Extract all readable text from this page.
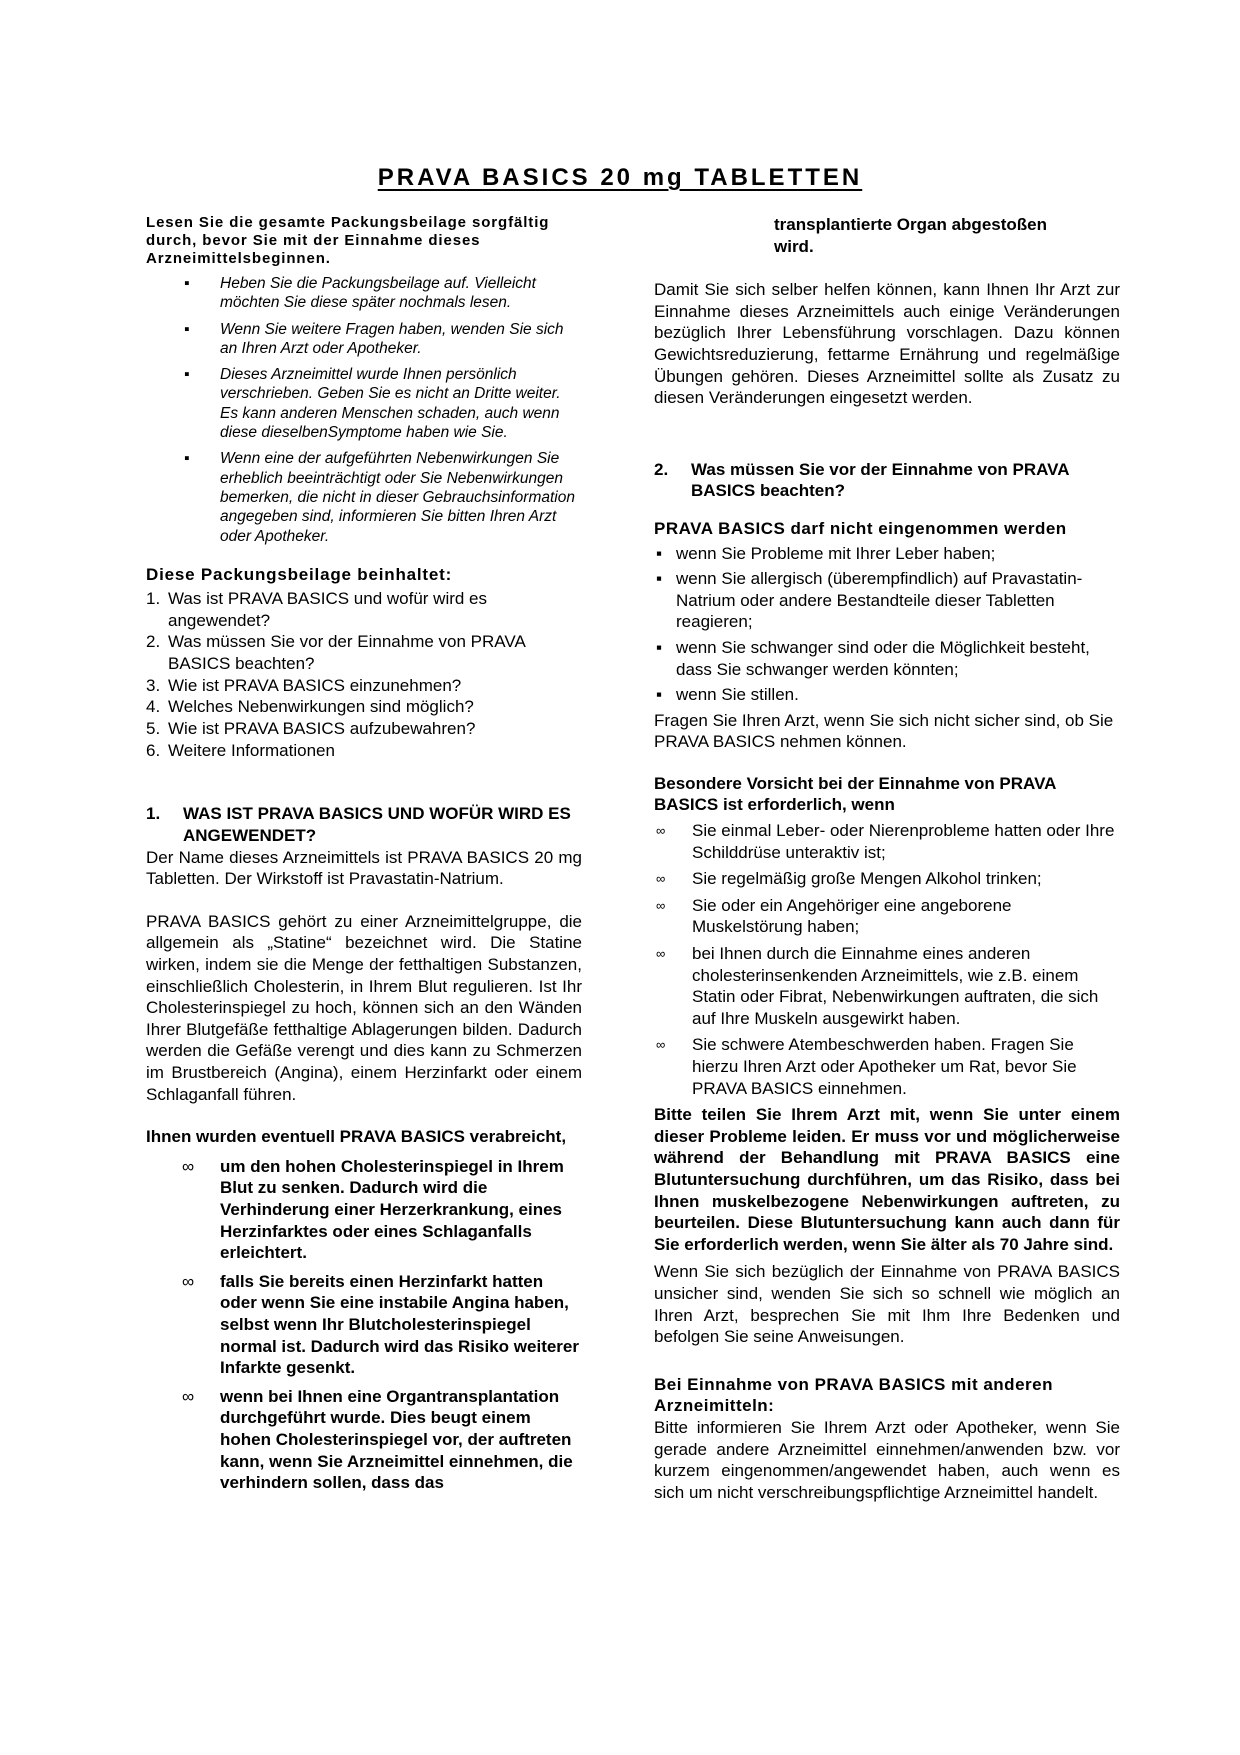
PRAVA BASICS 20 mg TABLETTEN

Lesen Sie die gesamte Packungsbeilage sorgfältig durch, bevor Sie mit der Einnahme dieses Arzneimittelsbeginnen.

▪ Heben Sie die Packungsbeilage auf. Vielleicht möchten Sie diese später nochmals lesen.
▪ Wenn Sie weitere Fragen haben, wenden Sie sich an Ihren Arzt oder Apotheker.
▪ Dieses Arzneimittel wurde Ihnen persönlich verschrieben. Geben Sie es nicht an Dritte weiter. Es kann anderen Menschen schaden, auch wenn diese dieselbenSymptome haben wie Sie.
▪ Wenn eine der aufgeführten Nebenwirkungen Sie erheblich beeinträchtigt oder Sie Nebenwirkungen bemerken, die nicht in dieser Gebrauchsinformation angegeben sind, informieren Sie bitten Ihren Arzt oder Apotheker.

Diese Packungsbeilage beinhaltet:

1. Was ist PRAVA BASICS und wofür wird es angewendet?
2. Was müssen Sie vor der Einnahme von PRAVA BASICS beachten?
3. Wie ist PRAVA BASICS einzunehmen?
4. Welches Nebenwirkungen sind möglich?
5. Wie ist PRAVA BASICS aufzubewahren?
6. Weitere Informationen
1. WAS IST PRAVA BASICS UND WOFÜR WIRD ES ANGEWENDET?

Der Name dieses Arzneimittels ist PRAVA BASICS 20 mg Tabletten. Der Wirkstoff ist Pravastatin-Natrium.

PRAVA BASICS gehört zu einer Arzneimittelgruppe, die allgemein als „Statine“ bezeichnet wird. Die Statine wirken, indem sie die Menge der fetthaltigen Substanzen, einschließlich Cholesterin, in Ihrem Blut regulieren. Ist Ihr Cholesterinspiegel zu hoch, können sich an den Wänden Ihrer Blutgefäße fetthaltige Ablagerungen bilden. Dadurch werden die Gefäße verengt und dies kann zu Schmerzen im Brustbereich (Angina), einem Herzinfarkt oder einem Schlaganfall führen.

Ihnen wurden eventuell PRAVA BASICS verabreicht,

∞ um den hohen Cholesterinspiegel in Ihrem Blut zu senken. Dadurch wird die Verhinderung einer Herzerkrankung, eines Herzinfarktes oder eines Schlaganfalls erleichtert.
∞ falls Sie bereits einen Herzinfarkt hatten oder wenn Sie eine instabile Angina haben, selbst wenn Ihr Blutcholesterinspiegel normal ist. Dadurch wird das Risiko weiterer Infarkte gesenkt.
∞ wenn bei Ihnen eine Organtransplantation durchgeführt wurde. Dies beugt einem hohen Cholesterinspiegel vor, der auftreten kann, wenn Sie Arzneimittel einnehmen, die verhindern sollen, dass das

transplantierte Organ abgestoßen wird.

Damit Sie sich selber helfen können, kann Ihnen Ihr Arzt zur Einnahme dieses Arzneimittels auch einige Veränderungen bezüglich Ihrer Lebensführung vorschlagen. Dazu können Gewichtsreduzierung, fettarme Ernährung und regelmäßige Übungen gehören. Dieses Arzneimittel sollte als Zusatz zu diesen Veränderungen eingesetzt werden.

2. Was müssen Sie vor der Einnahme von PRAVA BASICS beachten?

PRAVA BASICS darf nicht eingenommen werden

▪ wenn Sie Probleme mit Ihrer Leber haben;
▪ wenn Sie allergisch (überempfindlich) auf Pravastatin-Natrium oder andere Bestandteile dieser Tabletten reagieren;
▪ wenn Sie schwanger sind oder die Möglichkeit besteht, dass Sie schwanger werden könnten;
▪ wenn Sie stillen.

Fragen Sie Ihren Arzt, wenn Sie sich nicht sicher sind, ob Sie PRAVA BASICS nehmen können.

Besondere Vorsicht bei der Einnahme von PRAVA BASICS ist erforderlich, wenn

∞ Sie einmal Leber- oder Nierenprobleme hatten oder Ihre Schilddrüse unteraktiv ist;
∞ Sie regelmäßig große Mengen Alkohol trinken;
∞ Sie oder ein Angehöriger eine angeborene Muskelstörung haben;
∞ bei Ihnen durch die Einnahme eines anderen cholesterinsenkenden Arzneimittels, wie z.B. einem Statin oder Fibrat, Nebenwirkungen auftraten, die sich auf Ihre Muskeln ausgewirkt haben.
∞ Sie schwere Atembeschwerden haben. Fragen Sie hierzu Ihren Arzt oder Apotheker um Rat, bevor Sie PRAVA BASICS einnehmen.

Bitte teilen Sie Ihrem Arzt mit, wenn Sie unter einem dieser Probleme leiden. Er muss vor und möglicherweise während der Behandlung mit PRAVA BASICS eine Blutuntersuchung durchführen, um das Risiko, dass bei Ihnen muskelbezogene Nebenwirkungen auftreten, zu beurteilen. Diese Blutuntersuchung kann auch dann für Sie erforderlich werden, wenn Sie älter als 70 Jahre sind.

Wenn Sie sich bezüglich der Einnahme von PRAVA BASICS unsicher sind, wenden Sie sich so schnell wie möglich an Ihren Arzt, besprechen Sie mit Ihm Ihre Bedenken und befolgen Sie seine Anweisungen.

Bei Einnahme von PRAVA BASICS mit anderen Arzneimitteln:

Bitte informieren Sie Ihrem Arzt oder Apotheker, wenn Sie gerade andere Arzneimittel einnehmen/anwenden bzw. vor kurzem eingenommen/angewendet haben, auch wenn es sich um nicht verschreibungspflichtige Arzneimittel handelt.
